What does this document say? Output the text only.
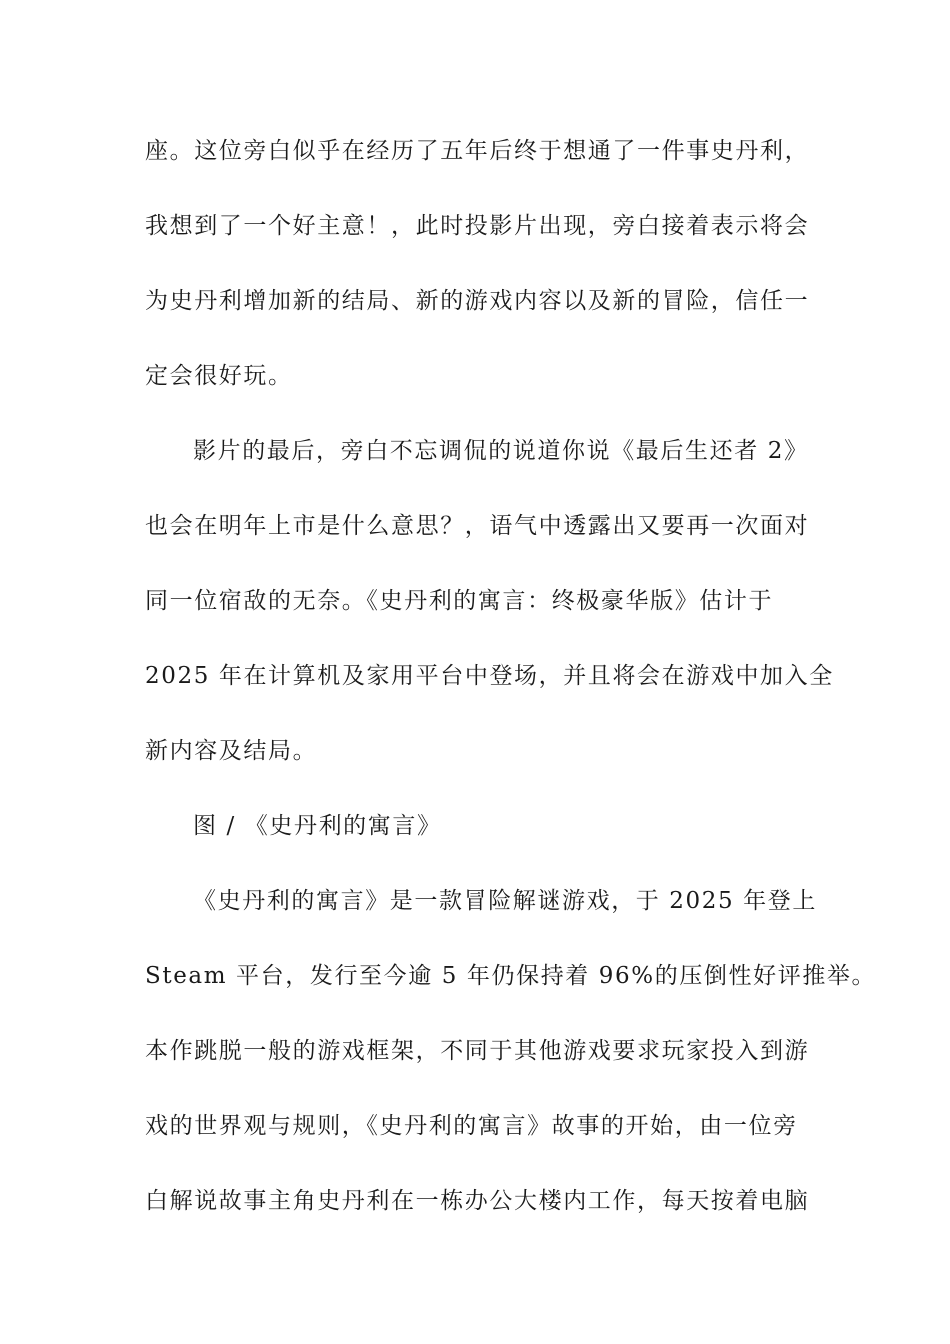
座。这位旁白似乎在经历了五年后终于想通了一件事史丹利，
我想到了一个好主意！，此时投影片出现，旁白接着表示将会
为史丹利增加新的结局、新的游戏内容以及新的冒险，信任一
定会很好玩。
影片的最后，旁白不忘调侃的说道你说《最后生还者 2》
也会在明年上市是什么意思？，语气中透露出又要再一次面对
同一位宿敌的无奈。《史丹利的寓言：终极豪华版》估计于
2025 年在计算机及家用平台中登场，并且将会在游戏中加入全
新内容及结局。
图 / 《史丹利的寓言》
《史丹利的寓言》是一款冒险解谜游戏，于 2025 年登上
Steam 平台，发行至今逾 5 年仍保持着 96%的压倒性好评推举。
本作跳脱一般的游戏框架，不同于其他游戏要求玩家投入到游
戏的世界观与规则，《史丹利的寓言》故事的开始，由一位旁
白解说故事主角史丹利在一栋办公大楼内工作，每天按着电脑
